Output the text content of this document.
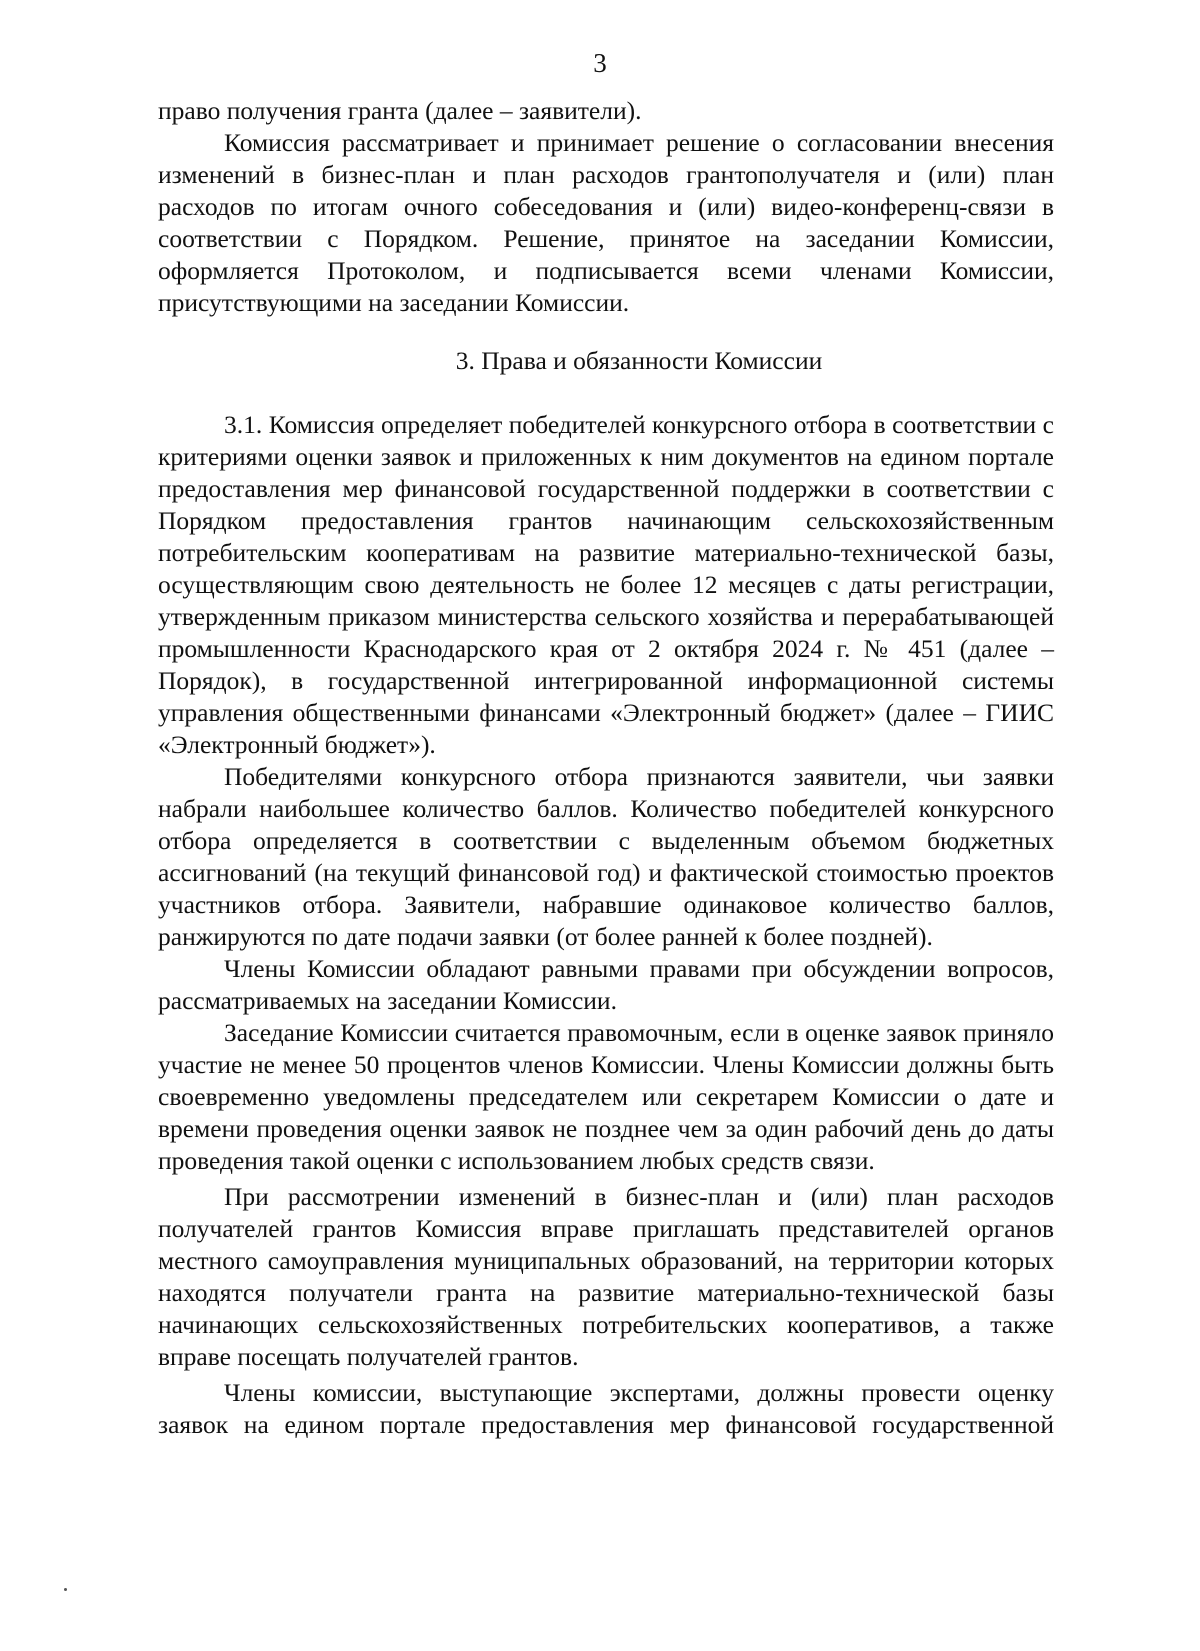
3

право получения гранта (далее – заявители).

Комиссия рассматривает и принимает решение о согласовании внесения изменений в бизнес-план и план расходов грантополучателя и (или) план расходов по итогам очного собеседования и (или) видео-конференц-связи в соответствии с Порядком. Решение, принятое на заседании Комиссии, оформляется Протоколом, и подписывается всеми членами Комиссии, присутствующими на заседании Комиссии.

3. Права и обязанности Комиссии

3.1. Комиссия определяет победителей конкурсного отбора в соответствии с критериями оценки заявок и приложенных к ним документов на едином портале предоставления мер финансовой государственной поддержки в соответствии с Порядком предоставления грантов начинающим сельскохозяйственным потребительским кооперативам на развитие материально-технической базы, осуществляющим свою деятельность не более 12 месяцев с даты регистрации, утвержденным приказом министерства сельского хозяйства и перерабатывающей промышленности Краснодарского края от 2 октября 2024 г. № 451 (далее – Порядок), в государственной интегрированной информационной системы управления общественными финансами «Электронный бюджет» (далее – ГИИС «Электронный бюджет»).

Победителями конкурсного отбора признаются заявители, чьи заявки набрали наибольшее количество баллов. Количество победителей конкурсного отбора определяется в соответствии с выделенным объемом бюджетных ассигнований (на текущий финансовой год) и фактической стоимостью проектов участников отбора. Заявители, набравшие одинаковое количество баллов, ранжируются по дате подачи заявки (от более ранней к более поздней).

Члены Комиссии обладают равными правами при обсуждении вопросов, рассматриваемых на заседании Комиссии.

Заседание Комиссии считается правомочным, если в оценке заявок приняло участие не менее 50 процентов членов Комиссии. Члены Комиссии должны быть своевременно уведомлены председателем или секретарем Комиссии о дате и времени проведения оценки заявок не позднее чем за один рабочий день до даты проведения такой оценки с использованием любых средств связи.

При рассмотрении изменений в бизнес-план и (или) план расходов получателей грантов Комиссия вправе приглашать представителей органов местного самоуправления муниципальных образований, на территории которых находятся получатели гранта на развитие материально-технической базы начинающих сельскохозяйственных потребительских кооперативов, а также вправе посещать получателей грантов.

Члены комиссии, выступающие экспертами, должны провести оценку заявок на едином портале предоставления мер финансовой государственной
